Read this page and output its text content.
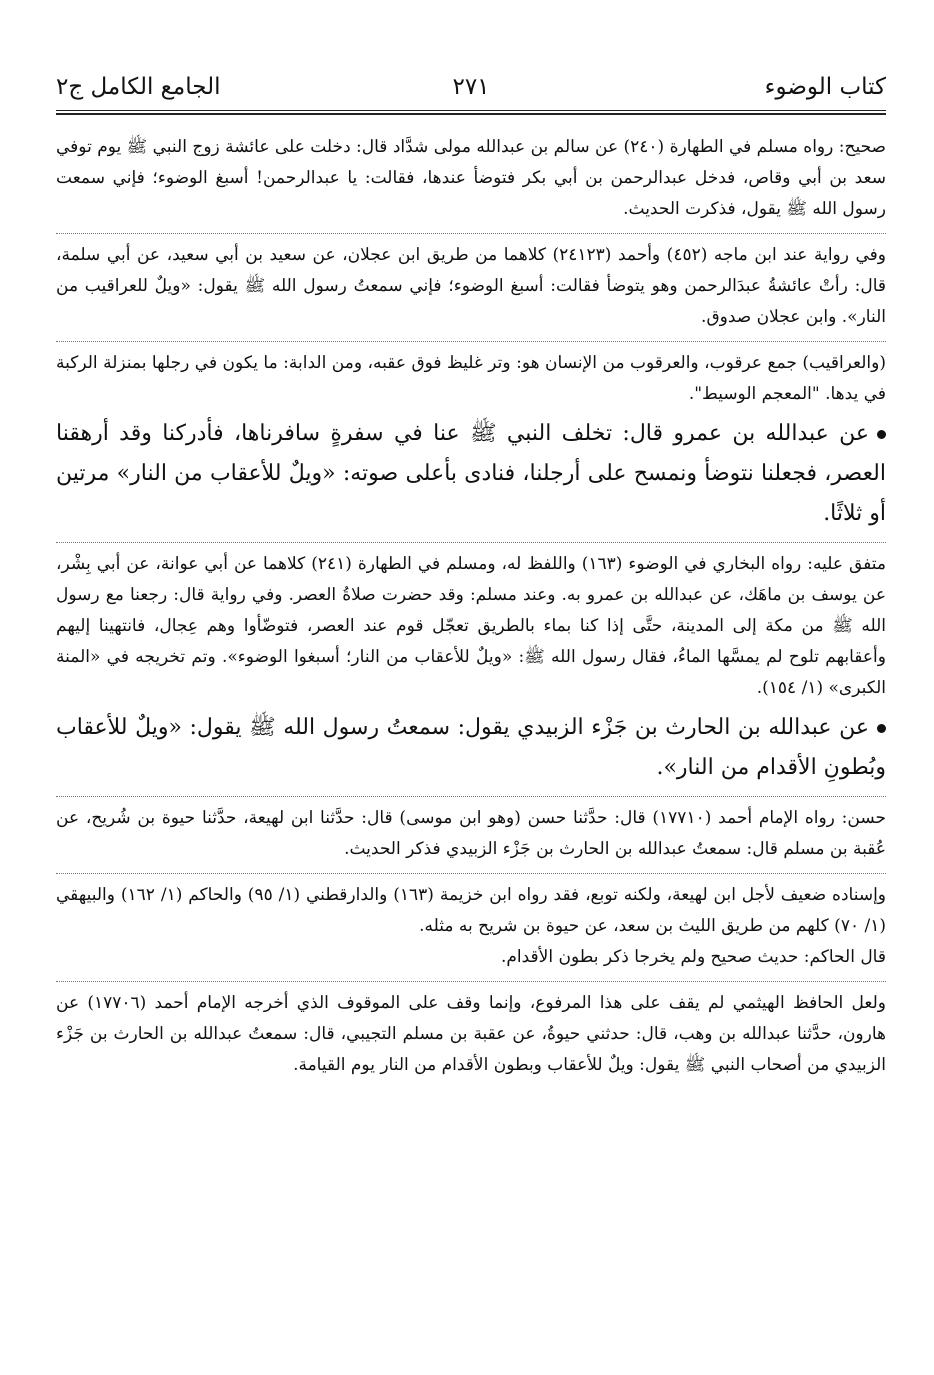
كتاب الوضوء
٢٧١
الجامع الكامل ج٢

صحيح: رواه مسلم في الطهارة (٢٤٠) عن سالم بن عبدالله مولى شدَّاد قال: دخلت على عائشة زوج النبي ﷺ يوم توفي سعد بن أبي وقاص، فدخل عبدالرحمن بن أبي بكر فتوضأ عندها، فقالت: يا عبدالرحمن! أسبغ الوضوء؛ فإني سمعت رسول الله ﷺ يقول، فذكرت الحديث.

وفي رواية عند ابن ماجه (٤٥٢) وأحمد (٢٤١٢٣) كلاهما من طريق ابن عجلان، عن سعيد بن أبي سعيد، عن أبي سلمة، قال: رأتْ عائشةُ عبدَالرحمن وهو يتوضأ فقالت: أسبغ الوضوء؛ فإني سمعتُ رسول الله ﷺ يقول: «ويلٌ للعراقيب من النار». وابن عجلان صدوق.

(والعراقيب) جمع عرقوب، والعرقوب من الإنسان هو: وتر غليظ فوق عقبه، ومن الدابة: ما يكون في رجلها بمنزلة الركبة في يدها. "المعجم الوسيط".

عن عبدالله بن عمرو قال: تخلف النبي ﷺ عنا في سفرةٍ سافرناها، فأدركنا وقد أرهقنا العصر، فجعلنا نتوضأ ونمسح على أرجلنا، فنادى بأعلى صوته: «ويلٌ للأعقاب من النار» مرتين أو ثلاثًا.

متفق عليه: رواه البخاري في الوضوء (١٦٣) واللفظ له، ومسلم في الطهارة (٢٤١) كلاهما عن أبي عوانة، عن أبي بِشْر، عن يوسف بن ماهَك، عن عبدالله بن عمرو به. وعند مسلم: وقد حضرت صلاةُ العصر. وفي رواية قال: رجعنا مع رسول الله ﷺ من مكة إلى المدينة، حتَّى إذا كنا بماء بالطريق تعجّل قوم عند العصر، فتوضّأوا وهم عِجال، فانتهينا إليهم وأعقابهم تلوح لم يمسَّها الماءُ، فقال رسول الله ﷺ: «ويلٌ للأعقاب من النار؛ أسبغوا الوضوء». وتم تخريجه في «المنة الكبرى» (١/ ١٥٤).

عن عبدالله بن الحارث بن جَزْء الزبيدي يقول: سمعتُ رسول الله ﷺ يقول: «ويلٌ للأعقاب وبُطونِ الأقدام من النار».

حسن: رواه الإمام أحمد (١٧٧١٠) قال: حدَّثنا حسن (وهو ابن موسى) قال: حدَّثنا ابن لهيعة، حدَّثنا حيوة بن شُريح، عن عُقبة بن مسلم قال: سمعتُ عبدالله بن الحارث بن جَزْء الزبيدي فذكر الحديث.

وإسناده ضعيف لأجل ابن لهيعة، ولكنه توبع، فقد رواه ابن خزيمة (١٦٣) والدارقطني (١/ ٩٥) والحاكم (١/ ١٦٢) والبيهقي (١/ ٧٠) كلهم من طريق الليث بن سعد، عن حيوة بن شريح به مثله.

قال الحاكم: حديث صحيح ولم يخرجا ذكر بطون الأقدام.

ولعل الحافظ الهيثمي لم يقف على هذا المرفوع، وإنما وقف على الموقوف الذي أخرجه الإمام أحمد (١٧٧٠٦) عن هارون، حدَّثنا عبدالله بن وهب، قال: حدثني حيوةُ، عن عقبة بن مسلم التجيبي، قال: سمعتُ عبدالله بن الحارث بن جَزْء الزبيدي من أصحاب النبي ﷺ يقول: ويلٌ للأعقاب وبطون الأقدام من النار يوم القيامة.
